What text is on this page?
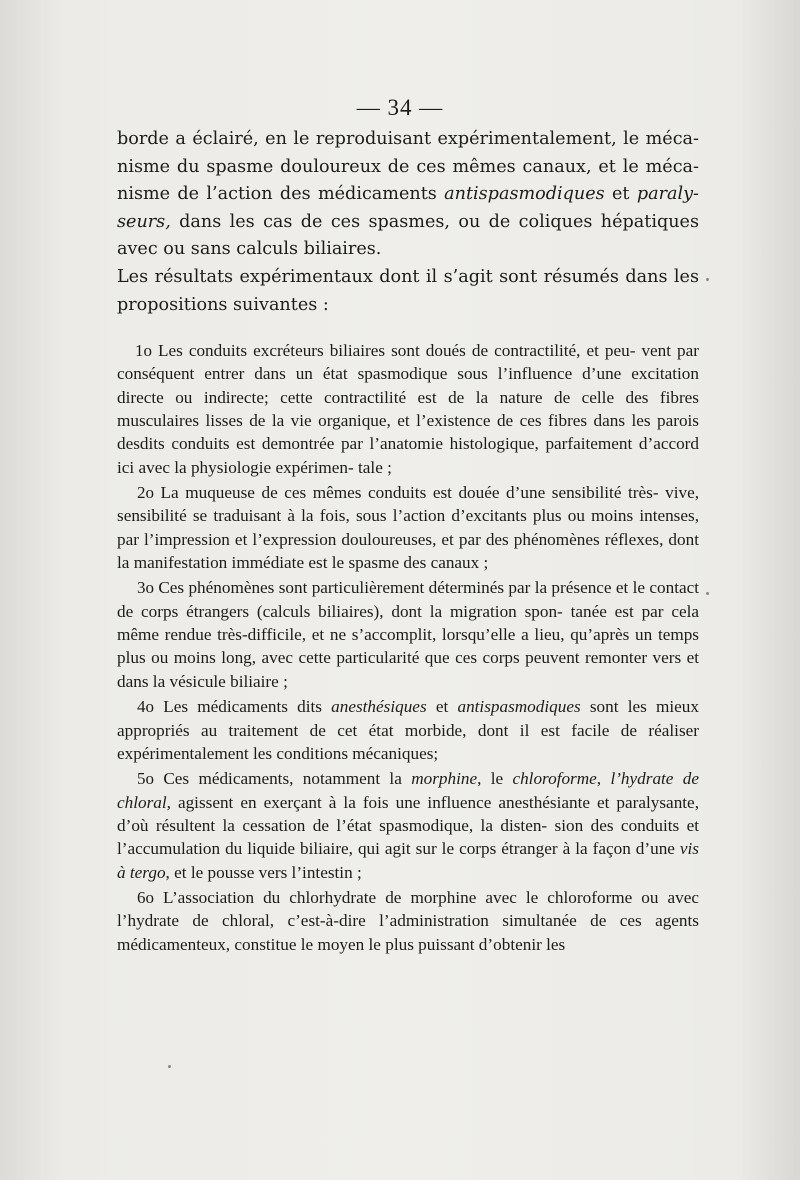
— 34 —

borde a éclairé, en le reproduisant expérimentalement, le méca- nisme du spasme douloureux de ces mêmes canaux, et le méca- nisme de l’action des médicaments antispasmodiques et paraly- seurs, dans les cas de ces spasmes, ou de coliques hépatiques avec ou sans calculs biliaires.

Les résultats expérimentaux dont il s’agit sont résumés dans les propositions suivantes :

1o Les conduits excréteurs biliaires sont doués de contractilité, et peu- vent par conséquent entrer dans un état spasmodique sous l’influence d’une excitation directe ou indirecte; cette contractilité est de la nature de celle des fibres musculaires lisses de la vie organique, et l’existence de ces fibres dans les parois desdits conduits est demontrée par l’anatomie histologique, parfaitement d’accord ici avec la physiologie expérimen- tale ;

2o La muqueuse de ces mêmes conduits est douée d’une sensibilité très- vive, sensibilité se traduisant à la fois, sous l’action d’excitants plus ou moins intenses, par l’impression et l’expression douloureuses, et par des phénomènes réflexes, dont la manifestation immédiate est le spasme des canaux ;

3o Ces phénomènes sont particulièrement déterminés par la présence et le contact de corps étrangers (calculs biliaires), dont la migration spon- tanée est par cela même rendue très-difficile, et ne s’accomplit, lorsqu’elle a lieu, qu’après un temps plus ou moins long, avec cette particularité que ces corps peuvent remonter vers et dans la vésicule biliaire ;

4o Les médicaments dits anesthésiques et antispasmodiques sont les mieux appropriés au traitement de cet état morbide, dont il est facile de réaliser expérimentalement les conditions mécaniques;

5o Ces médicaments, notamment la morphine, le chloroforme, l’hydrate de chloral, agissent en exerçant à la fois une influence anesthésiante et paralysante, d’où résultent la cessation de l’état spasmodique, la disten- sion des conduits et l’accumulation du liquide biliaire, qui agit sur le corps étranger à la façon d’une vis à tergo, et le pousse vers l’intestin ;

6o L’association du chlorhydrate de morphine avec le chloroforme ou avec l’hydrate de chloral, c’est-à-dire l’administration simultanée de ces agents médicamenteux, constitue le moyen le plus puissant d’obtenir les
